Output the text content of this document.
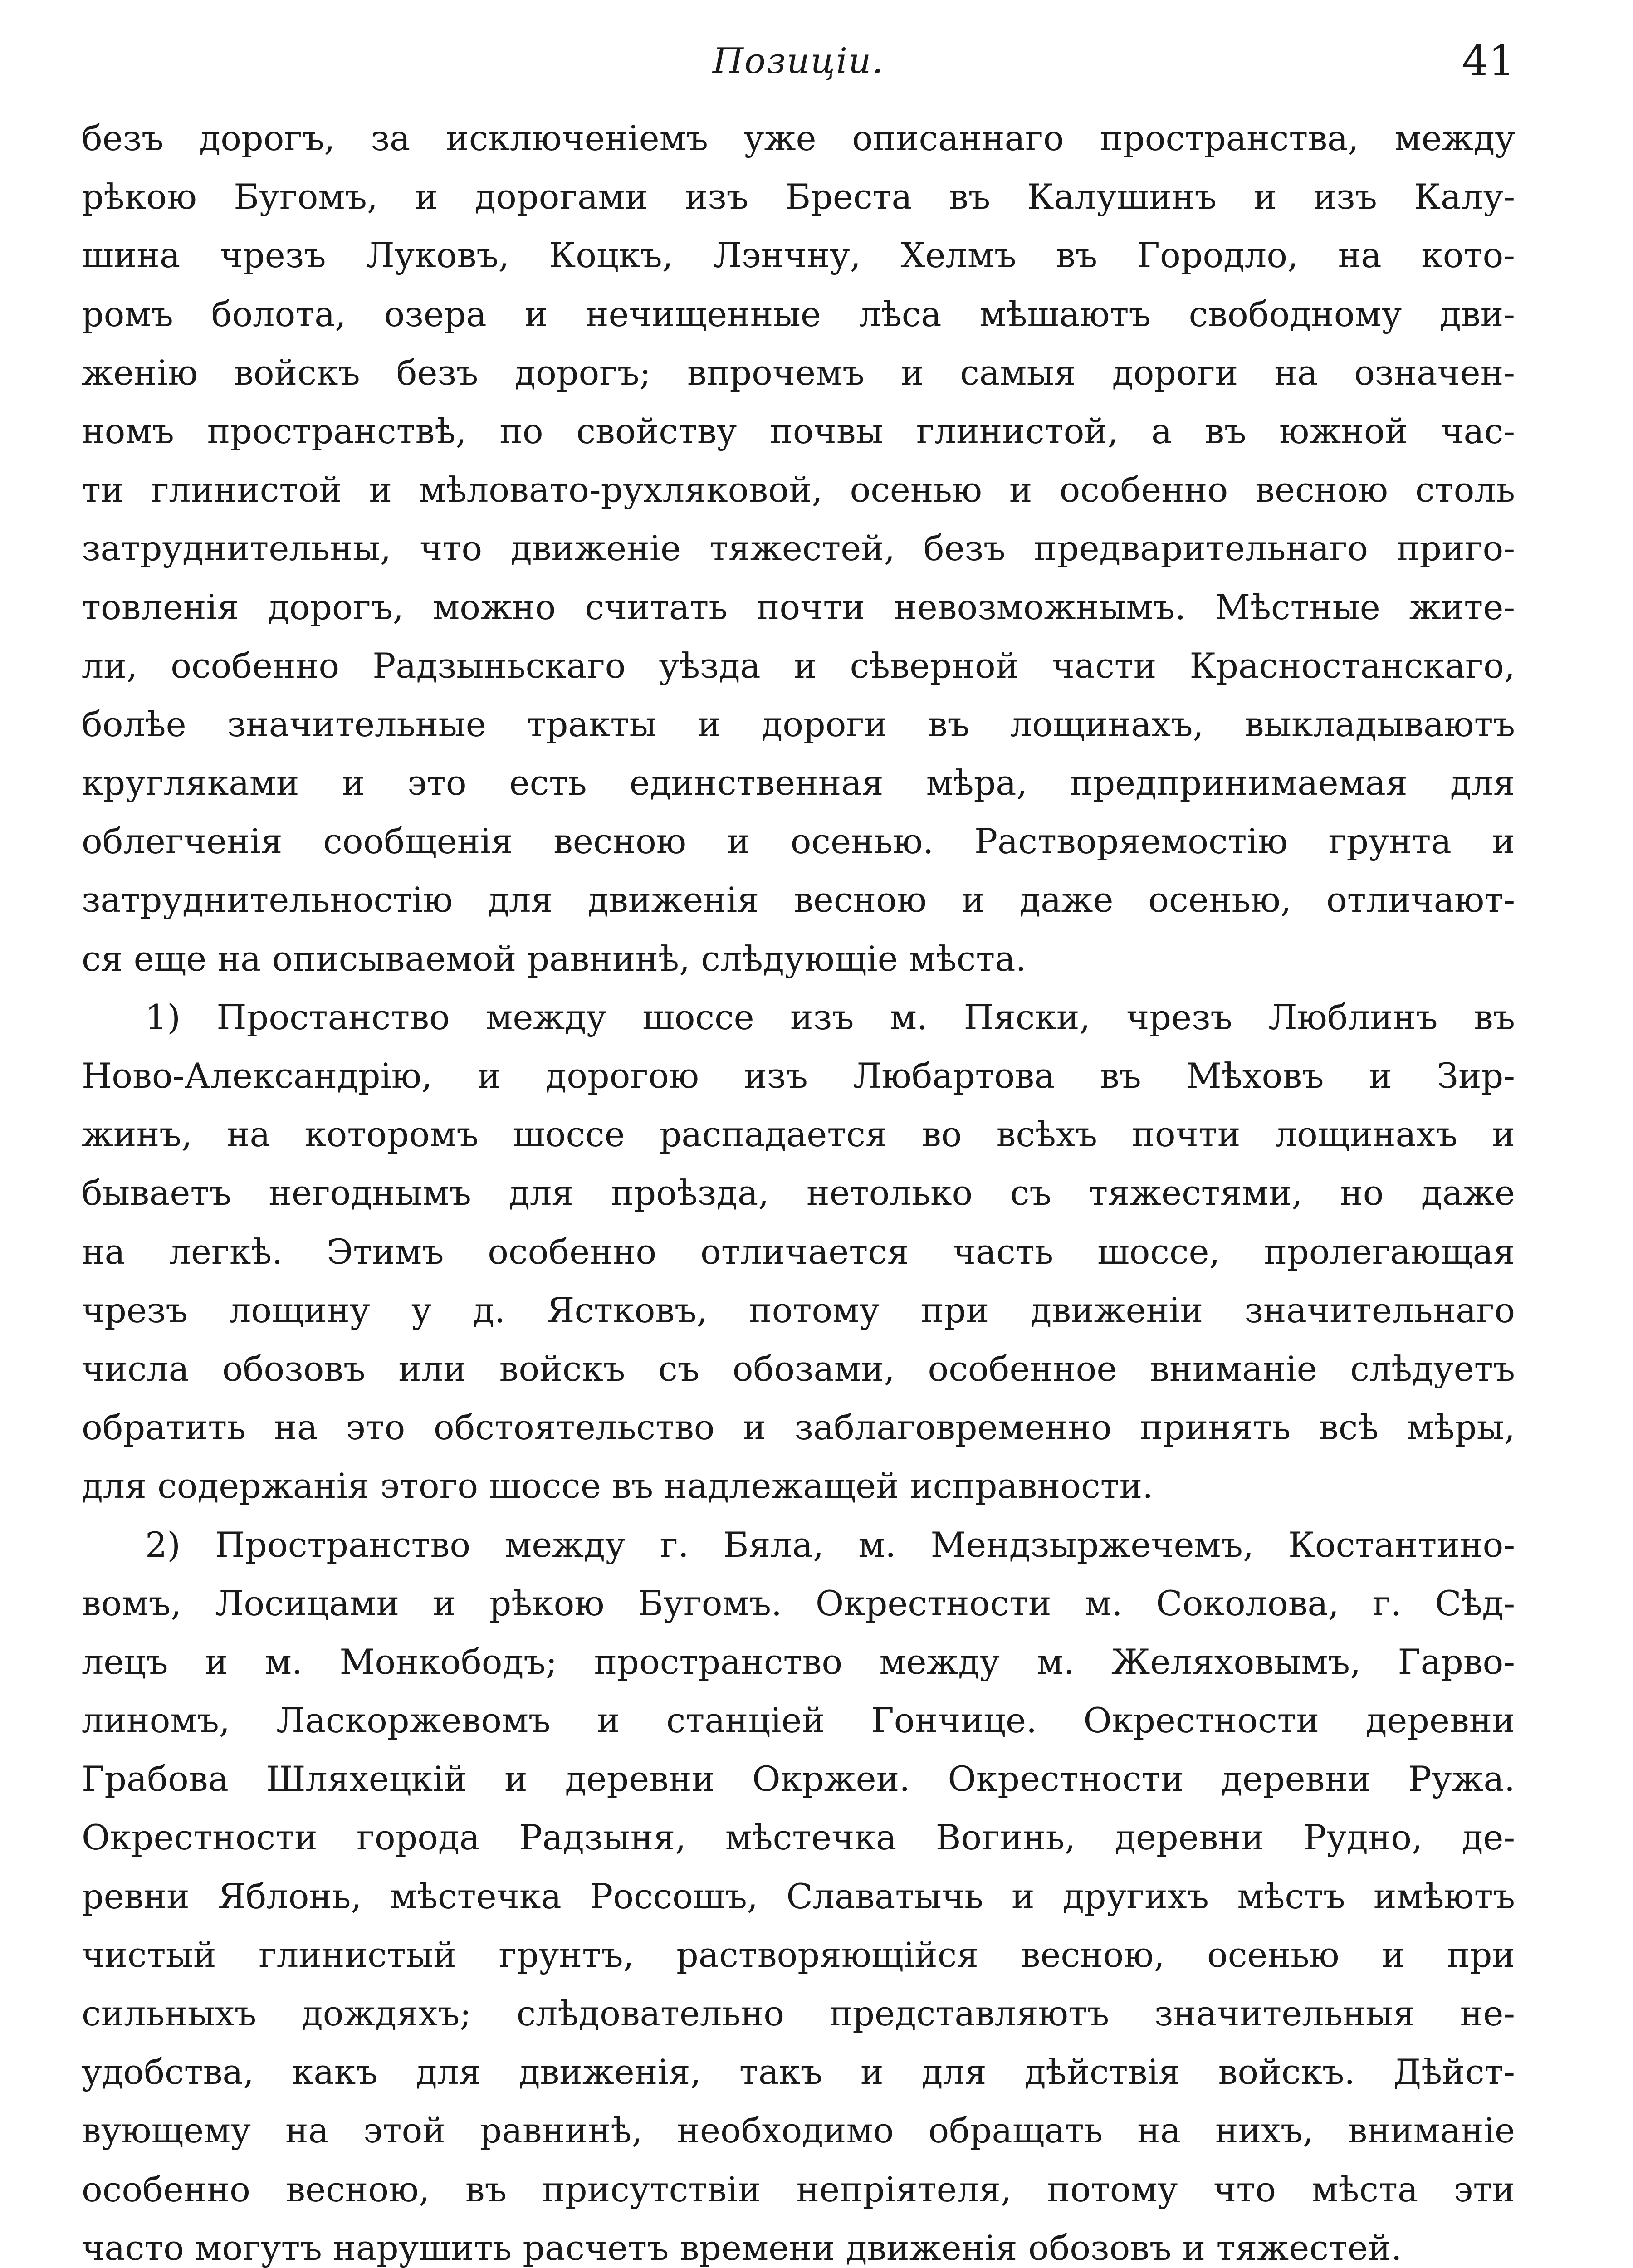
Позиціи.	41
безъ дорогъ, за исключеніемъ уже описаннаго пространства, между
рѣкою Бугомъ, и дорогами изъ Бреста въ Калушинъ и изъ Калу-
шина чрезъ Луковъ, Коцкъ, Лэнчну, Хелмъ въ Городло, на кото-
ромъ болота, озера и нечищенные лѣса мѣшаютъ свободному дви-
женію войскъ безъ дорогъ; впрочемъ и самыя дороги на означен-
номъ пространствѣ, по свойству почвы глинистой, а въ южной час-
ти глинистой и мѣловато-рухляковой, осенью и особенно весною столь
затруднительны, что движеніе тяжестей, безъ предварительнаго приго-
товленія дорогъ, можно считать почти невозможнымъ. Мѣстные жите-
ли, особенно Радзыньскаго уѣзда и сѣверной части Красностанскаго,
болѣе значительные тракты и дороги въ лощинахъ, выкладываютъ
кругляками и это есть единственная мѣра, предпринимаемая для
облегченія сообщенія весною и осенью. Растворяемостію грунта и
затруднительностію для движенія весною и даже осенью, отличают-
ся еще на описываемой равнинѣ, слѣдующіе мѣста.
1) Простанство между шоссе изъ м. Пяски, чрезъ Люблинъ въ
Ново-Александрію, и дорогою изъ Любартова въ Мѣховъ и Зир-
жинъ, на которомъ шоссе распадается во всѣхъ почти лощинахъ и
бываетъ негоднымъ для проѣзда, нетолько съ тяжестями, но даже
на легкѣ. Этимъ особенно отличается часть шоссе, пролегающая
чрезъ лощину у д. Ястковъ, потому при движеніи значительнаго
числа обозовъ или войскъ съ обозами, особенное вниманіе слѣдуетъ
обратить на это обстоятельство и заблаговременно принять всѣ мѣры,
для содержанія этого шоссе въ надлежащей исправности.
2) Пространство между г. Бяла, м. Мендзыржечемъ, Костантино-
вомъ, Лосицами и рѣкою Бугомъ. Окрестности м. Соколова, г. Сѣд-
лецъ и м. Монкободъ; пространство между м. Желяховымъ, Гарво-
линомъ, Ласкоржевомъ и станціей Гончице. Окрестности деревни
Грабова Шляхецкій и деревни Окржеи. Окрестности деревни Ружа.
Окрестности города Радзыня, мѣстечка Вогинь, деревни Рудно, де-
ревни Яблонь, мѣстечка Россошъ, Славатычь и другихъ мѣстъ имѣютъ
чистый глинистый грунтъ, растворяющійся весною, осенью и при
сильныхъ дождяхъ; слѣдовательно представляютъ значительныя не-
удобства, какъ для движенія, такъ и для дѣйствія войскъ. Дѣйст-
вующему на этой равнинѣ, необходимо обращать на нихъ, вниманіе
особенно весною, въ присутствіи непріятеля, потому что мѣста эти
часто могутъ нарушить расчетъ времени движенія обозовъ и тяжестей.
